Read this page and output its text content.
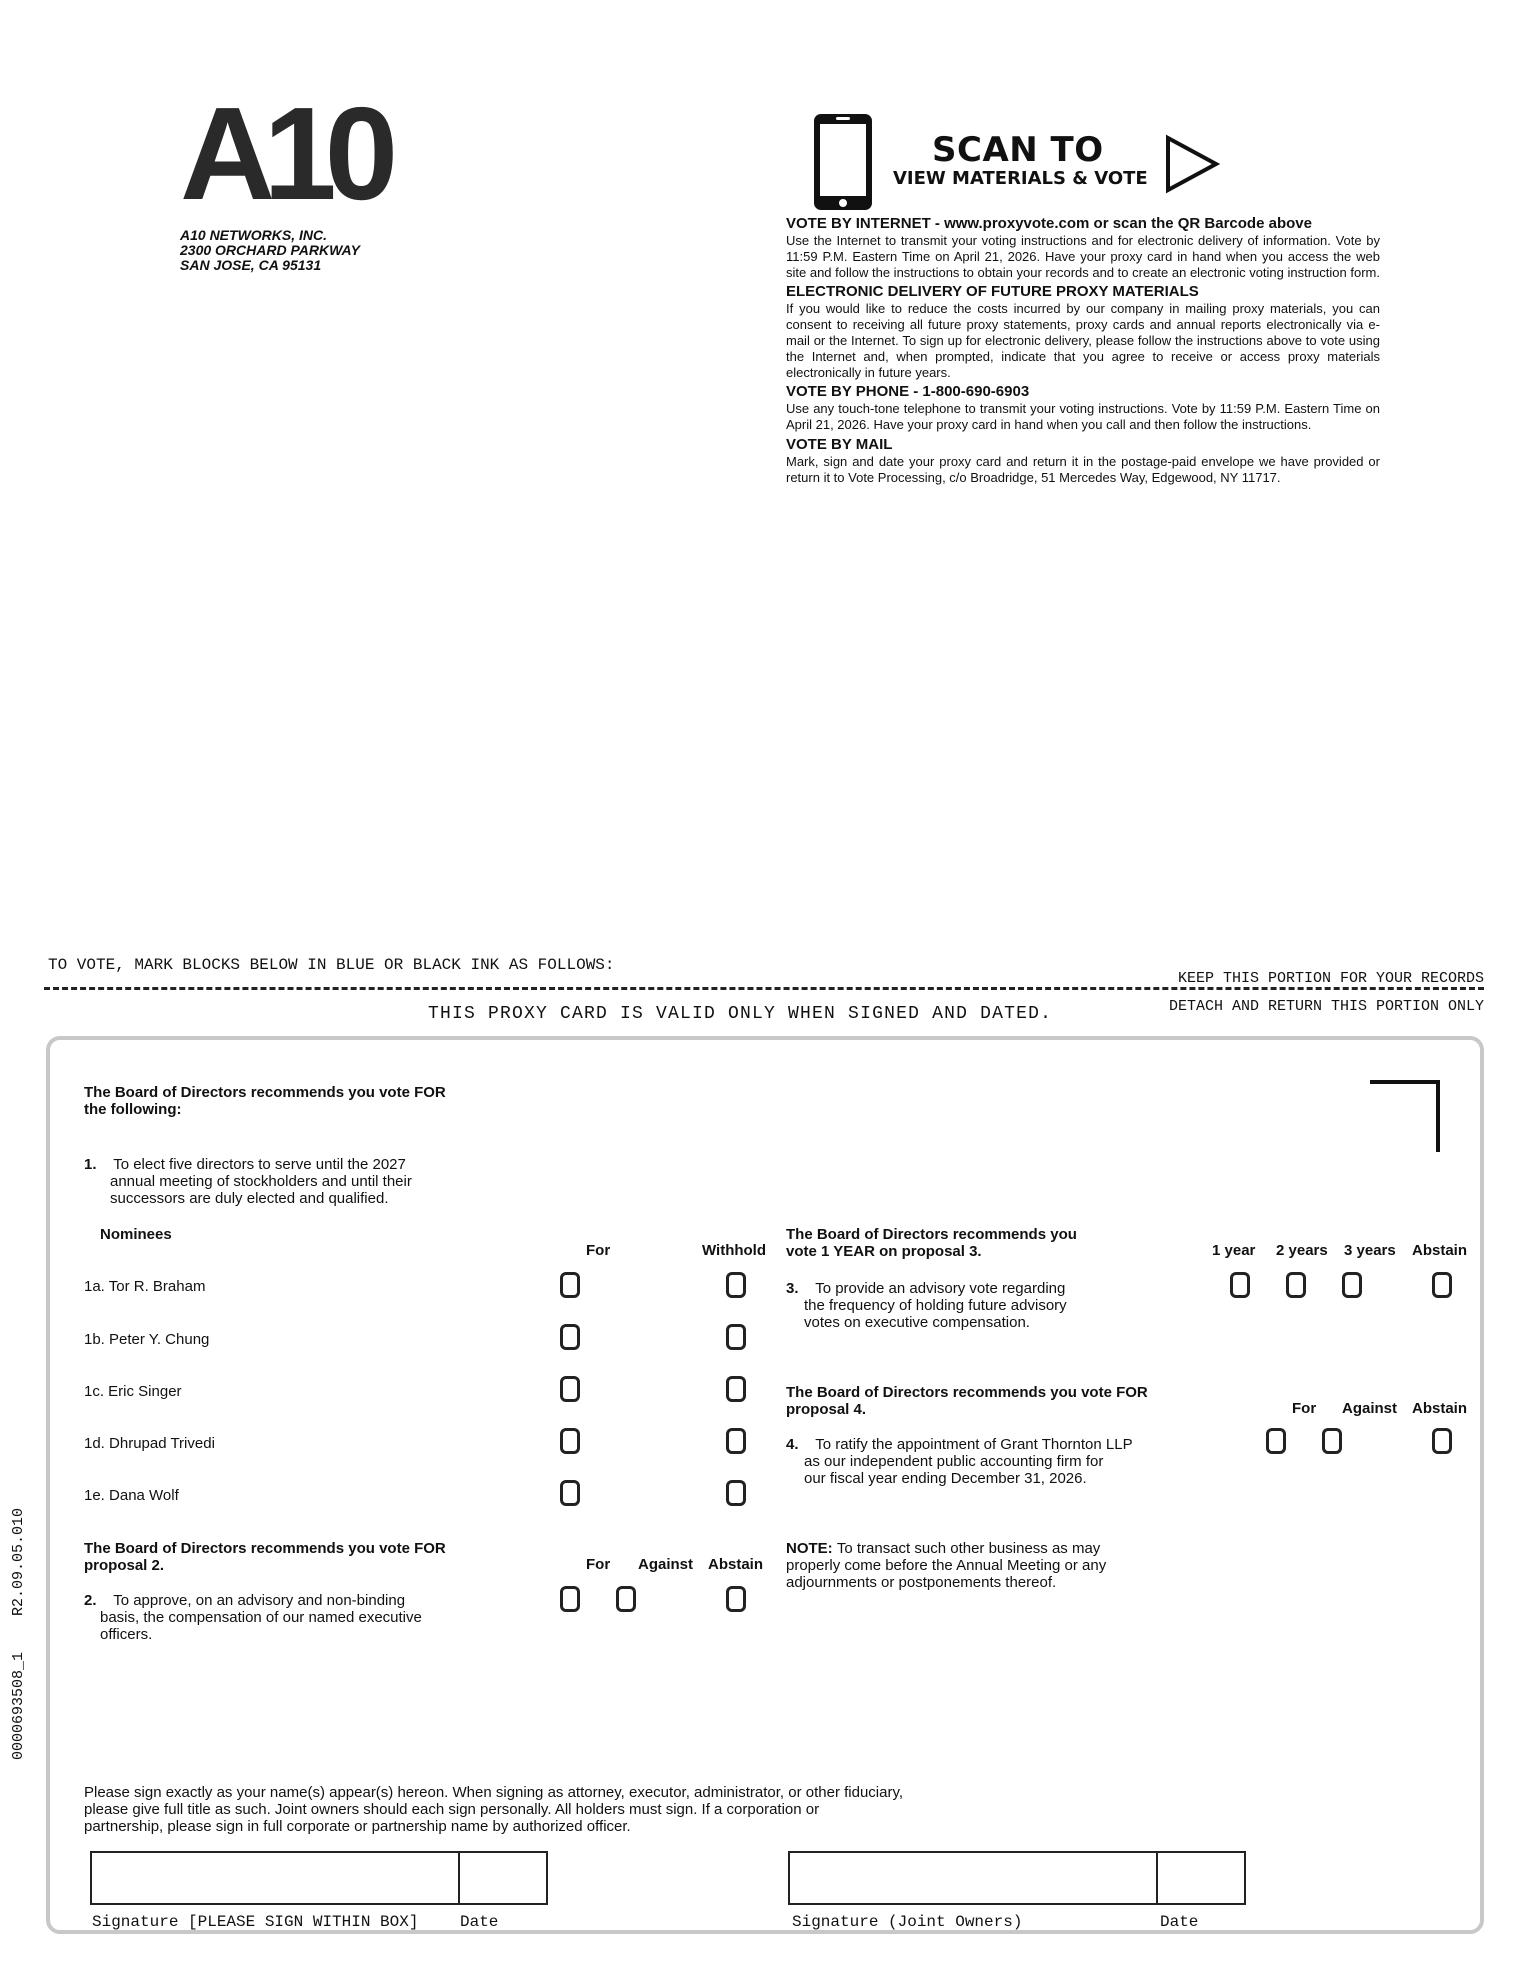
A10
A10 NETWORKS, INC.
2300 ORCHARD PARKWAY
SAN JOSE, CA 95131
SCAN TO
VIEW MATERIALS & VOTE
VOTE BY INTERNET - www.proxyvote.com or scan the QR Barcode above

Use the Internet to transmit your voting instructions and for electronic delivery of information. Vote by 11:59 P.M. Eastern Time on April 21, 2026. Have your proxy card in hand when you access the web site and follow the instructions to obtain your records and to create an electronic voting instruction form.

ELECTRONIC DELIVERY OF FUTURE PROXY MATERIALS

If you would like to reduce the costs incurred by our company in mailing proxy materials, you can consent to receiving all future proxy statements, proxy cards and annual reports electronically via e-mail or the Internet. To sign up for electronic delivery, please follow the instructions above to vote using the Internet and, when prompted, indicate that you agree to receive or access proxy materials electronically in future years.

VOTE BY PHONE - 1-800-690-6903

Use any touch-tone telephone to transmit your voting instructions. Vote by 11:59 P.M. Eastern Time on April 21, 2026. Have your proxy card in hand when you call and then follow the instructions.

VOTE BY MAIL

Mark, sign and date your proxy card and return it in the postage-paid envelope we have provided or return it to Vote Processing, c/o Broadridge, 51 Mercedes Way, Edgewood, NY 11717.

TO VOTE, MARK BLOCKS BELOW IN BLUE OR BLACK INK AS FOLLOWS:
KEEP THIS PORTION FOR YOUR RECORDS
DETACH AND RETURN THIS PORTION ONLY
THIS PROXY CARD IS VALID ONLY WHEN SIGNED AND DATED.
The Board of Directors recommends you vote FOR the following:
1. To elect five directors to serve until the 2027
annual meeting of stockholders and until their
successors are duly elected and qualified.
Nominees
For	Withhold
1a. Tor R. Braham
1b. Peter Y. Chung
1c. Eric Singer
1d. Dhrupad Trivedi
1e. Dana Wolf
The Board of Directors recommends you vote FOR
proposal 2.	For Against Abstain
2. To approve, on an advisory and non-binding
basis, the compensation of our named executive
officers.
The Board of Directors recommends you
vote 1 YEAR on proposal 3.	1 year 2 years 3 years Abstain
3. To provide an advisory vote regarding
the frequency of holding future advisory
votes on executive compensation.
The Board of Directors recommends you vote FOR
proposal 4.	For Against Abstain
4. To ratify the appointment of Grant Thornton LLP
as our independent public accounting firm for
our fiscal year ending December 31, 2026.
NOTE: To transact such other business as may
properly come before the Annual Meeting or any
adjournments or postponements thereof.
Please sign exactly as your name(s) appear(s) hereon. When signing as attorney, executor, administrator, or other fiduciary,
please give full title as such. Joint owners should each sign personally. All holders must sign. If a corporation or
partnership, please sign in full corporate or partnership name by authorized officer.
Signature [PLEASE SIGN WITHIN BOX]	Date	Signature (Joint Owners)	Date
0000693508_1    R2.09.05.010
